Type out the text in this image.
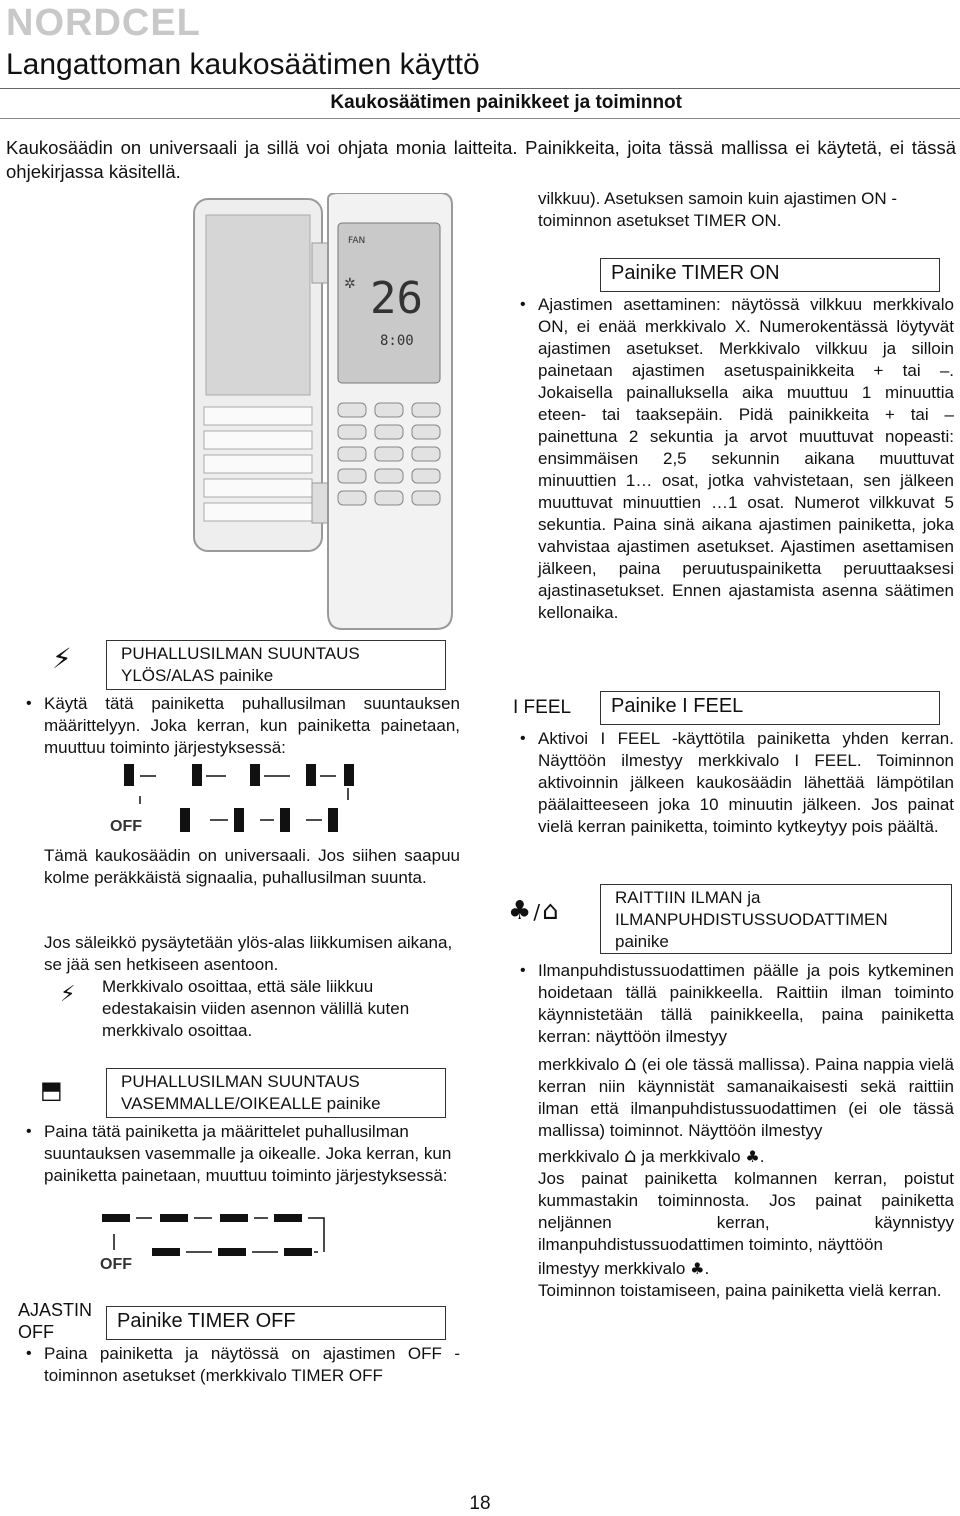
NORDCEL
Langattoman kaukosäätimen käyttö
Kaukosäätimen painikkeet ja toiminnot
Kaukosäädin on universaali ja sillä voi ohjata monia laitteita. Painikkeita, joita tässä mallissa ei käytetä, ei tässä ohjekirjassa käsitellä.
FAN
26
8:00
✲
⚡︎	PUHALLUSILMAN SUUNTAUS
YLÖS/ALAS painike
• Käytä tätä painiketta puhallusilman suuntauksen määrittelyyn. Joka kerran, kun painiketta painetaan, muuttuu toiminto järjestyksessä:
OFF
Tämä kaukosäädin on universaali. Jos siihen saapuu kolme peräkkäistä signaalia, puhallusilman suunta.
Jos säleikkö pysäytetään ylös-alas liikkumisen aikana, se jää sen hetkiseen asentoon.
⚡︎ Merkkivalo osoittaa, että säle liikkuu edestakaisin viiden asennon välillä kuten merkkivalo osoittaa.
⬒	PUHALLUSILMAN SUUNTAUS
VASEMMALLE/OIKEALLE painike
• Paina tätä painiketta ja määrittelet puhallusilman suuntauksen vasemmalle ja oikealle. Joka kerran, kun painiketta painetaan, muuttuu toiminto järjestyksessä:
OFF
AJASTIN
OFF	Painike TIMER OFF
• Paina painiketta ja näytössä on ajastimen OFF -toiminnon asetukset (merkkivalo TIMER OFF
vilkkuu). Asetuksen samoin kuin ajastimen ON -toiminnon asetukset TIMER ON.
Painike TIMER ON
• Ajastimen asettaminen: näytössä vilkkuu merkkivalo ON, ei enää merkkivalo X. Numerokentässä löytyvät ajastimen asetukset. Merkkivalo vilkkuu ja silloin painetaan ajastimen asetuspainikkeita + tai –. Jokaisella painalluksella aika muuttuu 1 minuuttia eteen- tai taaksepäin. Pidä painikkeita + tai – painettuna 2 sekuntia ja arvot muuttuvat nopeasti: ensimmäisen 2,5 sekunnin aikana muuttuvat minuuttien 1… osat, jotka vahvistetaan, sen jälkeen muuttuvat minuuttien …1 osat. Numerot vilkkuvat 5 sekuntia. Paina sinä aikana ajastimen painiketta, joka vahvistaa ajastimen asetukset. Ajastimen asettamisen jälkeen, paina peruutuspainiketta peruuttaaksesi ajastinasetukset. Ennen ajastamista asenna säätimen kellonaika.
I FEEL	Painike I FEEL
• Aktivoi I FEEL -käyttötila painiketta yhden kerran. Näyttöön ilmestyy merkkivalo I FEEL. Toiminnon aktivoinnin jälkeen kaukosäädin lähettää lämpötilan päälaitteeseen joka 10 minuutin jälkeen. Jos painat vielä kerran painiketta, toiminto kytkeytyy pois päältä.
♣/⌂	RAITTIIN ILMAN ja
ILMANPUHDISTUSSUODATTIMEN
painike
• Ilmanpuhdistussuodattimen päälle ja pois kytkeminen hoidetaan tällä painikkeella. Raittiin ilman toiminto käynnistetään tällä painikkeella, paina painiketta kerran: näyttöön ilmestyy
merkkivalo ⌂ (ei ole tässä mallissa). Paina nappia vielä kerran niin käynnistät samanaikaisesti sekä raittiin ilman että ilmanpuhdistussuodattimen (ei ole tässä mallissa) toiminnot. Näyttöön ilmestyy
merkkivalo ⌂ ja merkkivalo ♣.
Jos painat painiketta kolmannen kerran, poistut kummastakin toiminnosta. Jos painat painiketta neljännen kerran, käynnistyy ilmanpuhdistussuodattimen toiminto, näyttöön
ilmestyy merkkivalo ♣.
Toiminnon toistamiseen, paina painiketta vielä kerran.
18
